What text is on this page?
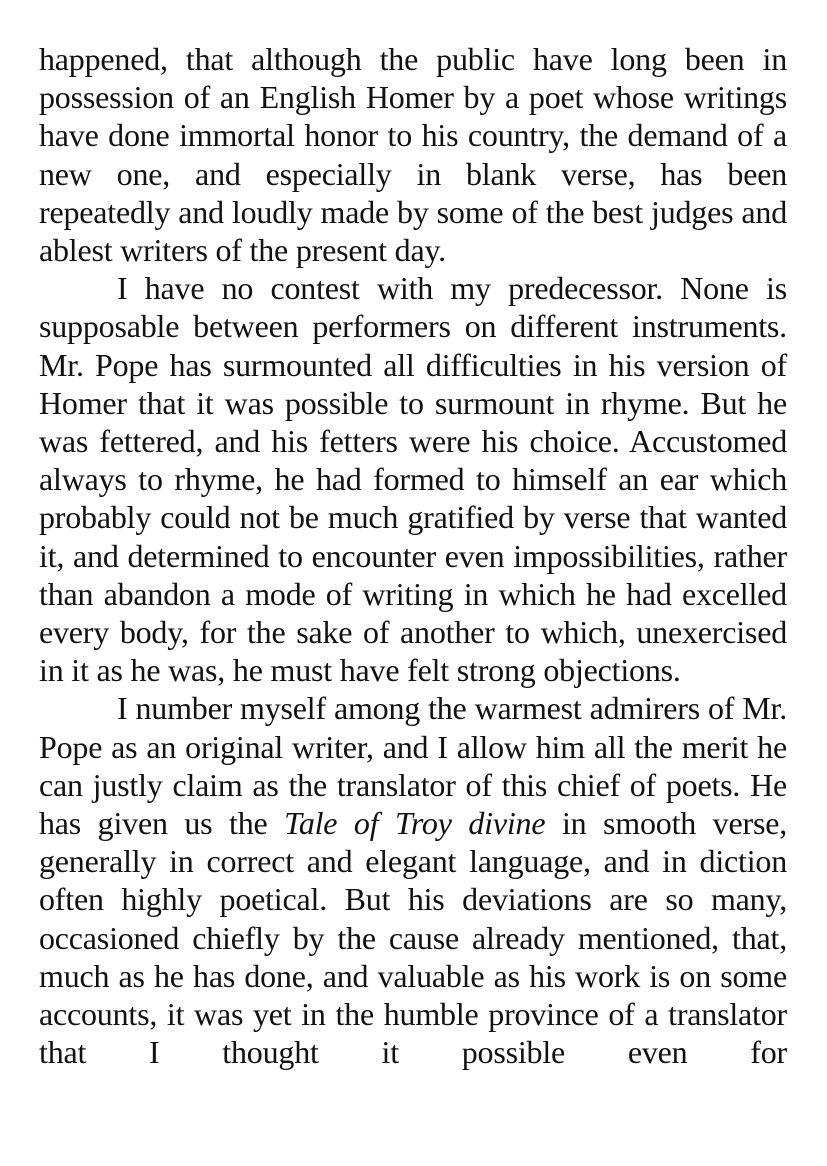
happened, that although the public have long been in possession of an English Homer by a poet whose writings have done immortal honor to his country, the demand of a new one, and especially in blank verse, has been repeatedly and loudly made by some of the best judges and ablest writers of the present day.

I have no contest with my predecessor. None is supposable between performers on different instruments. Mr. Pope has surmounted all difficulties in his version of Homer that it was possible to surmount in rhyme. But he was fettered, and his fetters were his choice. Accustomed always to rhyme, he had formed to himself an ear which probably could not be much gratified by verse that wanted it, and determined to encounter even impossibilities, rather than abandon a mode of writing in which he had excelled every body, for the sake of another to which, unexercised in it as he was, he must have felt strong objections.

I number myself among the warmest admirers of Mr. Pope as an original writer, and I allow him all the merit he can justly claim as the translator of this chief of poets. He has given us the Tale of Troy divine in smooth verse, generally in correct and elegant language, and in diction often highly poetical. But his deviations are so many, occasioned chiefly by the cause already mentioned, that, much as he has done, and valuable as his work is on some accounts, it was yet in the humble province of a translator that I thought it possible even for
